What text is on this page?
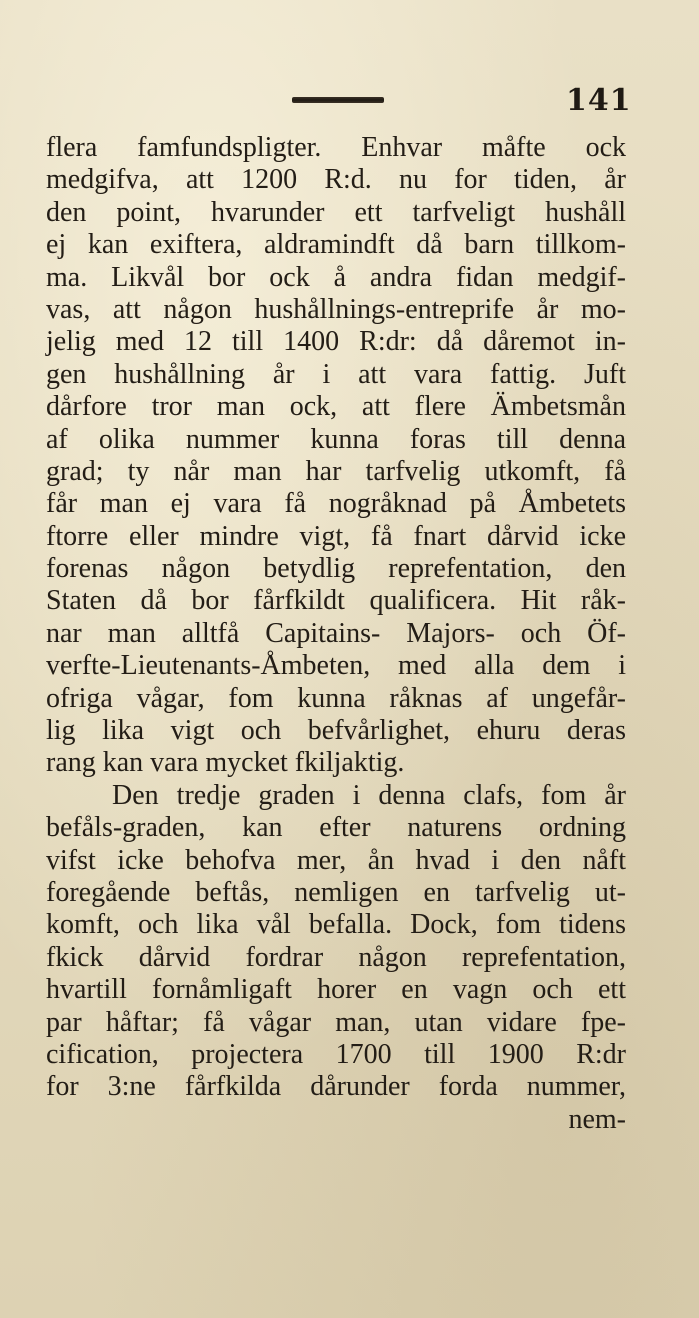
141
flera famfundspligter. Enhvar måfte ock
medgifva, att 1200 R:d. nu for tiden, år
den point, hvarunder ett tarfveligt hushåll
ej kan exiftera, aldramindft då barn tillkom-
ma. Likvål bor ock å andra fidan medgif-
vas, att någon hushållnings-entreprife år mo-
jelig med 12 till 1400 R:dr: då dåremot in-
gen hushållning år i att vara fattig. Juft
dårfore tror man ock, att flere Ämbetsmån
af olika nummer kunna foras till denna
grad; ty når man har tarfvelig utkomft, få
får man ej vara få nogråknad på Åmbetets
ftorre eller mindre vigt, få fnart dårvid icke
forenas någon betydlig reprefentation, den
Staten då bor fårfkildt qualificera. Hit råk-
nar man alltfå Capitains- Majors- och Öf-
verfte-Lieutenants-Åmbeten, med alla dem i
ofriga vågar, fom kunna råknas af ungefår-
lig lika vigt och befvårlighet, ehuru deras
rang kan vara mycket fkiljaktig.
Den tredje graden i denna clafs, fom år
befåls-graden, kan efter naturens ordning
vifst icke behofva mer, ån hvad i den nåft
foregående beftås, nemligen en tarfvelig ut-
komft, och lika vål befalla. Dock, fom tidens
fkick dårvid fordrar någon reprefentation,
hvartill fornåmligaft horer en vagn och ett
par håftar; få vågar man, utan vidare fpe-
cification, projectera 1700 till 1900 R:dr
for 3:ne fårfkilda dårunder forda nummer,
nem-
